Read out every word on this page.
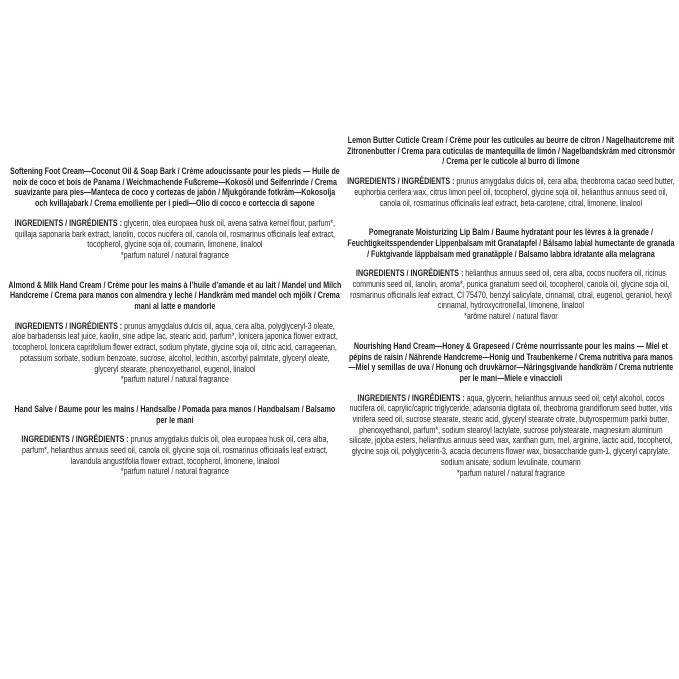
Softening Foot Cream—Coconut Oil & Soap Bark / Crème adoucissante pour les pieds — Huile de noix de coco et bois de Panama / Weichmachende Fußcreme—Kokosöl und Seifenrinde / Crema suavizante para pies—Manteca de coco y cortezas de jabón / Mjukgörande fotkräm—Kokosolja och kvillajabark / Crema emolliente per i piedi—Olio di cocco e corteccia di sapone

INGREDIENTS / INGRÉDIENTS : glycerin, olea europaea husk oil, avena sativa kernel flour, parfum*, quillaja saponaria bark extract, lanolin, cocos nucifera oil, canola oil, rosmarinus officinalis leaf extract, tocopherol, glycine soja oil, coumarin, limonene, linalool
*parfum naturel / natural fragrance

Almond & Milk Hand Cream / Crème pour les mains à l’huile d’amande et au lait / Mandel und Milch Handcreme / Crema para manos con almendra y leche / Handkräm med mandel och mjölk / Crema mani al latte e mandorle

INGREDIENTS / INGRÉDIENTS : prunus amygdalus dulcis oil, aqua, cera alba, polyglyceryl-3 oleate, aloe barbadensis leaf juice, kaolin, sine adipe lac, stearic acid, parfum*, lonicera japonica flower extract, tocopherol, lonicera caprifolium flower extract, sodium phytate, glycine soja oil, citric acid, carrageenan, potassium sorbate, sodium benzoate, sucrose, alcohol, lecithin, ascorbyl palmitate, glyceryl oleate, glyceryl stearate, phenoxyethanol, eugenol, linalool
*parfum naturel / natural fragrance

Hand Salve / Baume pour les mains / Handsalbe / Pomada para manos / Handbalsam / Balsamo per le mani

INGREDIENTS / INGRÉDIENTS : prunus amygdalus dulcis oil, olea europaea husk oil, cera alba, parfum*, helianthus annuus seed oil, canola oil, glycine soja oil, rosmarinus officinalis leaf extract, lavandula angustifolia flower extract, tocopherol, limonene, linalool
*parfum naturel / natural fragrance

Lemon Butter Cuticle Cream / Crème pour les cuticules au beurre de citron / Nagelhautcreme mit Zitronenbutter / Crema para cuticulas de mantequilla de limón / Nagelbandskräm med citronsmör / Crema per le cuticole al burro di limone

INGREDIENTS / INGRÉDIENTS : prunus amygdalus dulcis oil, cera alba, theobroma cacao seed butter, euphorbia cerifera wax, citrus limon peel oil, tocopherol, glycine soja oil, helianthus annuus seed oil, canola oil, rosmarinus officinalis leaf extract, beta-carotene, citral, limonene, linalool

Pomegranate Moisturizing Lip Balm / Baume hydratant pour les lèvres à la grenade / Feuchtigkeitsspendender Lippenbalsam mit Granatapfel / Bálsamo labial humectante de granada / Fuktgivande läppbalsam med granatäpple / Balsamo labbra idratante alla melagrana

INGREDIENTS / INGRÉDIENTS : helianthus annuus seed oil, cera alba, cocos nucifera oil, ricinus communis seed oil, lanolin, aroma*, punica granatum seed oil, tocopherol, canola oil, glycine soja oil, rosmarinus officinalis leaf extract, CI 75470, benzyl salicylate, cinnamal, citral, eugenol, geraniol, hexyl cinnamal, hydroxycitronellal, limonene, linalool
*arôme naturel / natural flavor

Nourishing Hand Cream—Honey & Grapeseed / Crème nourrissante pour les mains — Miel et pépins de raisin / Nährende Handcreme—Honig und Traubenkerne / Crema nutritiva para manos—Miel y semillas de uva / Honung och druvkärnor—Näringsgivande handkräm / Crema nutriente per le mani—Miele e vinaccioli

INGREDIENTS / INGRÉDIENTS : aqua, glycerin, helianthus annuus seed oil, cetyl alcohol, cocos nucifera oil, caprylic/capric triglyceride, adansonia digitata oil, theobroma grandiflorum seed butter, vitis vinifera seed oil, sucrose stearate, stearic acid, glyceryl stearate citrate, butyrospermum parkii butter, phenoxyethanol, parfum*, sodium stearoyl lactylate, sucrose polystearate, magnesium aluminum silicate, jojoba esters, helianthus annuus seed wax, xanthan gum, mel, arginine, lactic acid, tocopherol, glycine soja oil, polyglycerin-3, acacia decurrens flower wax, biosaccharide gum-1, glyceryl caprylate, sodium anisate, sodium levulinate, coumarin
*parfum naturel / natural fragrance
